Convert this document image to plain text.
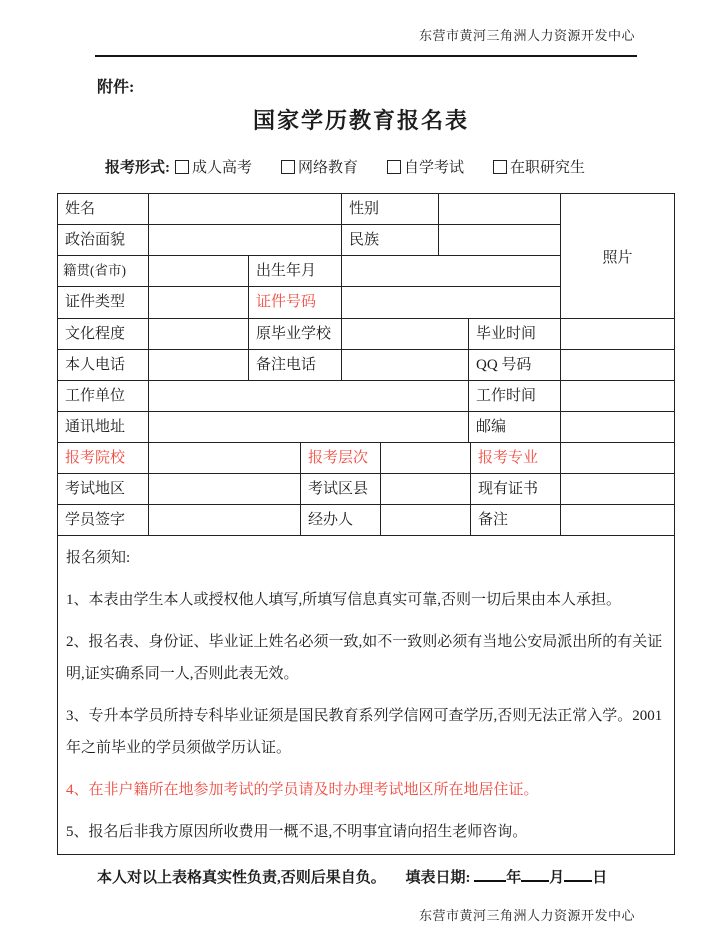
东营市黄河三角洲人力资源开发中心
附件:
国家学历教育报名表
报考形式: 成人高考	网络教育	自学考试	在职研究生
姓名	性别
政治面貌	民族
籍贯(省市)	出生年月
证件类型	证件号码
照片
文化程度	原毕业学校	毕业时间
本人电话	备注电话	QQ 号码
工作单位	工作时间
通讯地址	邮编
报考院校	报考层次	报考专业
考试地区	考试区县	现有证书
学员签字	经办人	备注

报名须知:

1、本表由学生本人或授权他人填写,所填写信息真实可靠,否则一切后果由本人承担。

2、报名表、身份证、毕业证上姓名必须一致,如不一致则必须有当地公安局派出所的有关证明,证实确系同一人,否则此表无效。

3、专升本学员所持专科毕业证须是国民教育系列学信网可查学历,否则无法正常入学。2001 年之前毕业的学员须做学历认证。

4、在非户籍所在地参加考试的学员请及时办理考试地区所在地居住证。

5、报名后非我方原因所收费用一概不退,不明事宜请向招生老师咨询。

本人对以上表格真实性负责,否则后果自负。 填表日期: 年 月 日
东营市黄河三角洲人力资源开发中心
